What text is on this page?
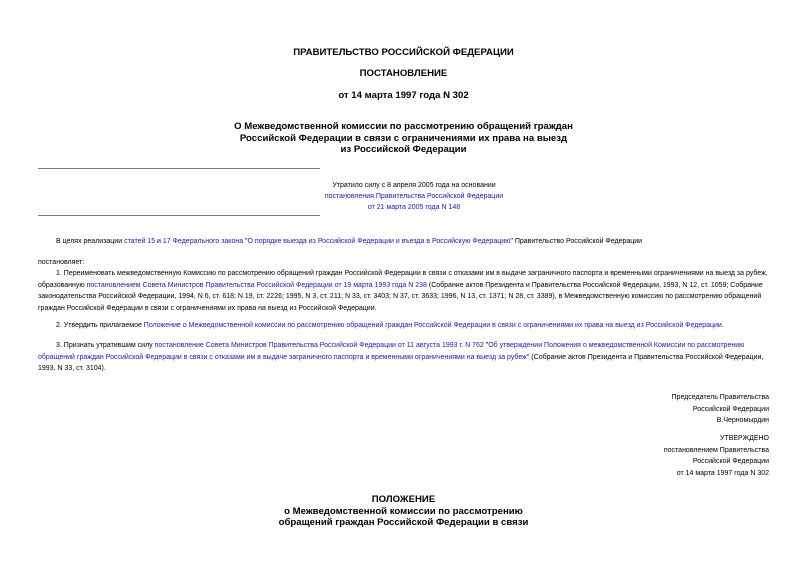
ПРАВИТЕЛЬСТВО РОССИЙСКОЙ ФЕДЕРАЦИИ
ПОСТАНОВЛЕНИЕ
от 14 марта 1997 года N 302
О Межведомственной комиссии по рассмотрению обращений граждан
Российской Федерации в связи с ограничениями их права на выезд
из Российской Федерации
Утратило силу с 8 апреля 2005 года на основании
постановления Правительства Российской Федерации
от 21 марта 2005 года N 148
В целях реализации статей 15 и 17 Федерального закона "О порядке выезда из Российской Федерации и въезда в Российскую Федерацию" Правительство Российской Федерации
постановляет:
1. Переименовать межведомственную Комиссию по рассмотрению обращений граждан Российской Федерации в связи с отказами им в выдаче заграничного паспорта и временными ограничениями на выезд за рубеж, образованную постановлением Совета Министров Правительства Российской Федерации от 19 марта 1993 года N 238 (Собрание актов Президента и Правительства Российской Федерации, 1993, N 12, ст. 1059; Собрание законодательства Российской Федерации, 1994, N 6, ст. 618; N 19, ст. 2226; 1995, N 3, ст. 211; N 33, ст. 3403; N 37, ст. 3633; 1996, N 13, ст. 1371; N 28, ст. 3389), в Межведомственную комиссию по рассмотрению обращений граждан Российской Федерации в связи с ограничениями их права на выезд из Российской Федерации.
2. Утвердить прилагаемое Положение о Межведомственной комиссии по рассмотрению обращений граждан Российской Федерации в связи с ограничениями их права на выезд из Российской Федерации.
3. Признать утратившим силу постановление Совета Министров Правительства Российской Федерации от 11 августа 1993 г. N 762 "Об утверждении Положения о межведомственной Комиссии по рассмотрению обращений граждан Российской Федерации в связи с отказами им в выдаче заграничного паспорта и временными ограничениями на выезд за рубеж" (Собрание актов Президента и Правительства Российской Федерации, 1993, N 33, ст. 3104).
Председатель Правительства
Российской Федерации
В.Черномырдин
УТВЕРЖДЕНО
постановлением Правительства
Российской Федерации
от 14 марта 1997 года N 302
ПОЛОЖЕНИЕ
о Межведомственной комиссии по рассмотрению
обращений граждан Российской Федерации в связи
